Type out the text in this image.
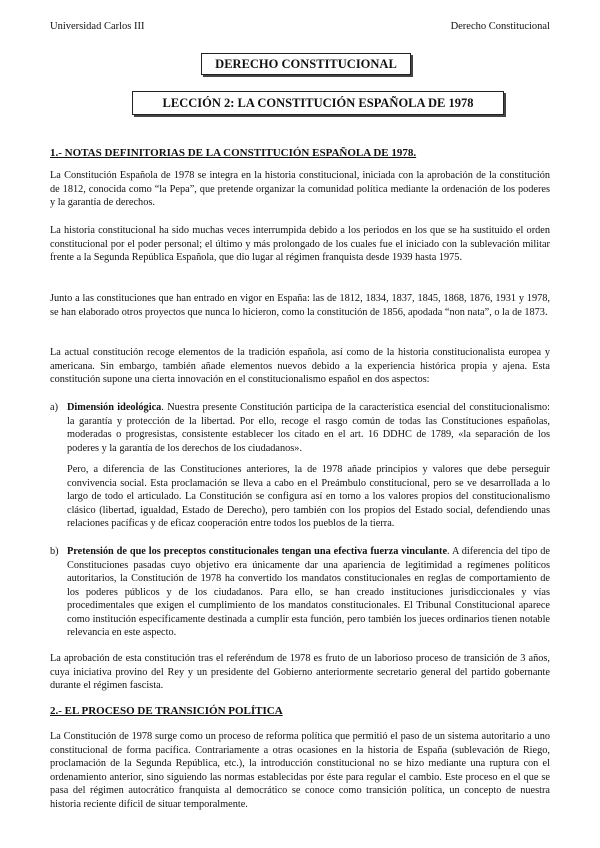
Universidad Carlos III	Derecho Constitucional
DERECHO CONSTITUCIONAL
LECCIÓN 2: LA CONSTITUCIÓN ESPAÑOLA DE 1978
1.- NOTAS DEFINITORIAS DE LA CONSTITUCIÓN ESPAÑOLA DE 1978.

La Constitución Española de 1978 se integra en la historia constitucional, iniciada con la aprobación de la constitución de 1812, conocida como “la Pepa”, que pretende organizar la comunidad política mediante la ordenación de los poderes y la garantía de derechos.

La historia constitucional ha sido muchas veces interrumpida debido a los periodos en los que se ha sustituido el orden constitucional por el poder personal; el último y más prolongado de los cuales fue el iniciado con la sublevación militar frente a la Segunda República Española, que dio lugar al régimen franquista desde 1939 hasta 1975.

Junto a las constituciones que han entrado en vigor en España: las de 1812, 1834, 1837, 1845, 1868, 1876, 1931 y 1978, se han elaborado otros proyectos que nunca lo hicieron, como la constitución de 1856, apodada “non nata”, o la de 1873.

La actual constitución recoge elementos de la tradición española, así como de la historia constitucionalista europea y americana. Sin embargo, también añade elementos nuevos debido a la experiencia histórica propia y ajena. Esta constitución supone una cierta innovación en el constitucionalismo español en dos aspectos:

a) Dimensión ideológica. Nuestra presente Constitución participa de la característica esencial del constitucionalismo: la garantía y protección de la libertad. Por ello, recoge el rasgo común de todas las Constituciones españolas, moderadas o progresistas, consistente establecer los citado en el art. 16 DDHC de 1789, «la separación de los poderes y la garantía de los derechos de los ciudadanos».

Pero, a diferencia de las Constituciones anteriores, la de 1978 añade principios y valores que debe perseguir convivencia social. Esta proclamación se lleva a cabo en el Preámbulo constitucional, pero se ve desarrollada a lo largo de todo el articulado. La Constitución se configura así en torno a los valores propios del constitucionalismo clásico (libertad, igualdad, Estado de Derecho), pero también con los propios del Estado social, defendiendo unas relaciones pacíficas y de eficaz cooperación entre todos los pueblos de la tierra.

b) Pretensión de que los preceptos constitucionales tengan una efectiva fuerza vinculante. A diferencia del tipo de Constituciones pasadas cuyo objetivo era únicamente dar una apariencia de legitimidad a regímenes políticos autoritarios, la Constitución de 1978 ha convertido los mandatos constitucionales en reglas de comportamiento de los poderes públicos y de los ciudadanos. Para ello, se han creado instituciones jurisdiccionales y vías procedimentales que exigen el cumplimiento de los mandatos constitucionales. El Tribunal Constitucional aparece como institución específicamente destinada a cumplir esta función, pero también los jueces ordinarios tienen notable relevancia en este aspecto.

La aprobación de esta constitución tras el referéndum de 1978 es fruto de un laborioso proceso de transición de 3 años, cuya iniciativa provino del Rey y un presidente del Gobierno anteriormente secretario general del partido gobernante durante el régimen fascista.

2.- EL PROCESO DE TRANSICIÓN POLÍTICA

La Constitución de 1978 surge como un proceso de reforma política que permitió el paso de un sistema autoritario a uno constitucional de forma pacífica. Contrariamente a otras ocasiones en la historia de España (sublevación de Riego, proclamación de la Segunda República, etc.), la introducción constitucional no se hizo mediante una ruptura con el ordenamiento anterior, sino siguiendo las normas establecidas por éste para regular el cambio. Este proceso en el que se pasa del régimen autocrático franquista al democrático se conoce como transición política, un concepto de nuestra historia reciente difícil de situar temporalmente.
